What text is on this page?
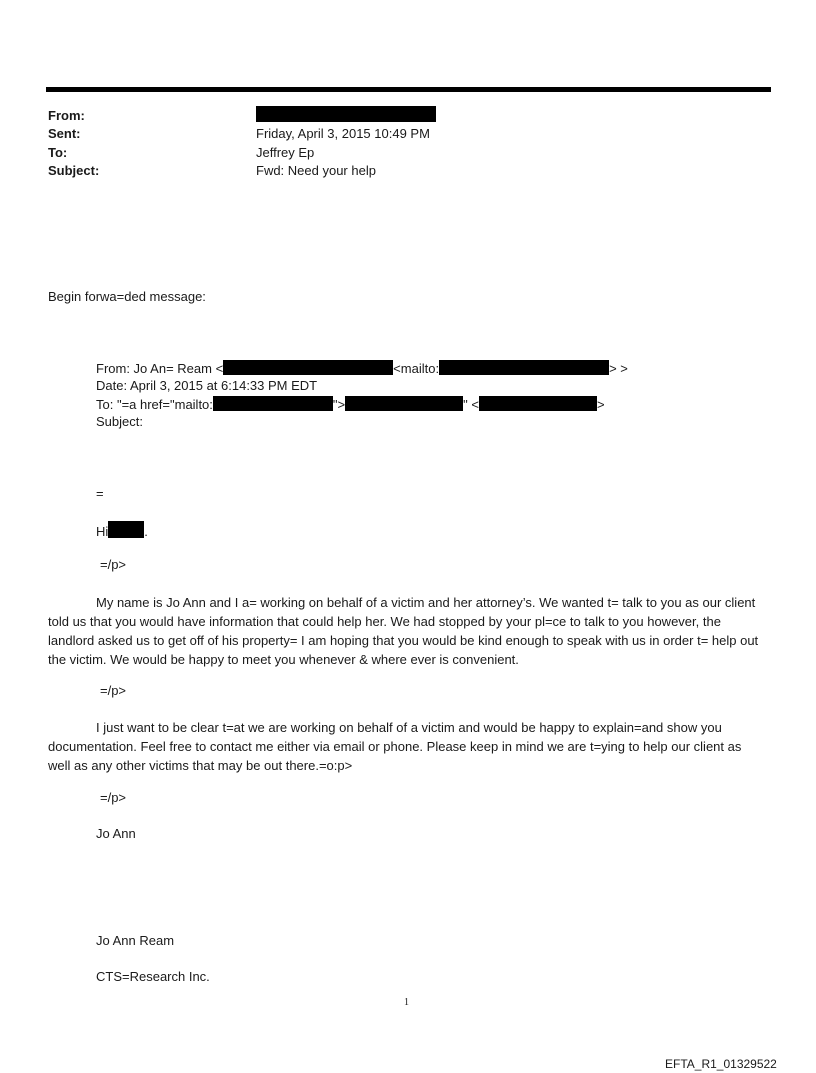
From:
Sent:	Friday, April 3, 2015 10:49 PM
To:	Jeffrey Ep
Subject:	Fwd: Need your help
Begin forwa=ded message:
From: Jo An= Ream <	<mailto:	> >
Date: April 3, 2015 at 6:14:33 PM EDT
To: "=a href="mailto:	">	" <	>
Subject:
=
Hi	.
=/p>
My name is Jo Ann and I a= working on behalf of a victim and her attorney’s. We wanted t= talk to you as our client told us that you would have information that could help her. We had stopped by your pl=ce to talk to you however, the landlord asked us to get off of his property= I am hoping that you would be kind enough to speak with us in order t= help out the victim. We would be happy to meet you whenever & where ever is convenient.
=/p>
I just want to be clear t=at we are working on behalf of a victim and would be happy to explain=and show you documentation. Feel free to contact me either via email or phone. Please keep in mind we are t=ying to help our client as well as any other victims that may be out there.=o:p>
=/p>
Jo Ann
Jo Ann Ream
CTS=Research Inc.
1
EFTA_R1_01329522
